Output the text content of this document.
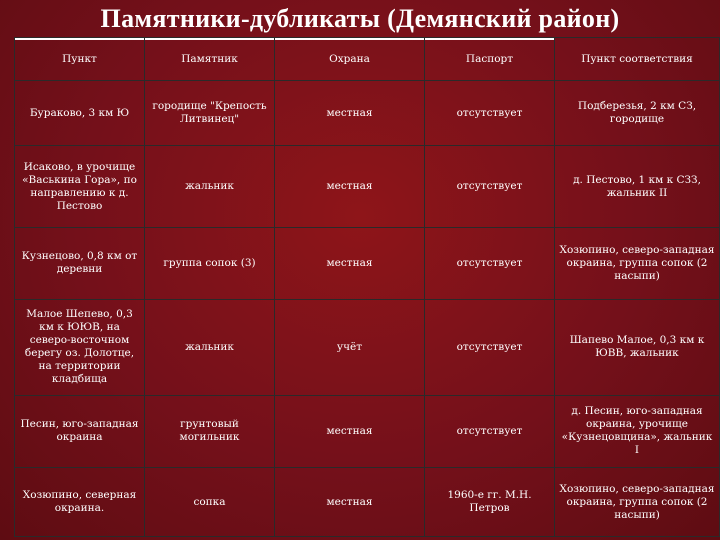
Памятники-дубликаты (Демянский район)
Пункт	Памятник	Охрана	Паспорт	Пункт соответствия
Бураково, 3 км Ю	городище "Крепость Литвинец"	местная	отсутствует	Подберезья, 2 км СЗ, городище
Исаково, в урочище «Васькина Гора», по направлению к д. Пестово	жальник	местная	отсутствует	д. Пестово, 1 км к СЗЗ, жальник II
Кузнецово, 0,8 км от деревни	группа сопок (3)	местная	отсутствует	Хозюпино, северо-западная окраина, группа сопок (2 насыпи)
Малое Шепево, 0,3 км к ЮЮВ, на северо-восточном берегу оз. Долотце, на территории кладбища	жальник	учёт	отсутствует	Шапево Малое, 0,3 км к ЮВВ, жальник
Песин, юго-западная окраина	грунтовый могильник	местная	отсутствует	д. Песин, юго-западная окраина, урочище «Кузнецовщина», жальник I
Хозюпино, северная окраина.	сопка	местная	1960-е гг. М.Н. Петров	Хозюпино, северо-западная окраина, группа сопок (2 насыпи)
